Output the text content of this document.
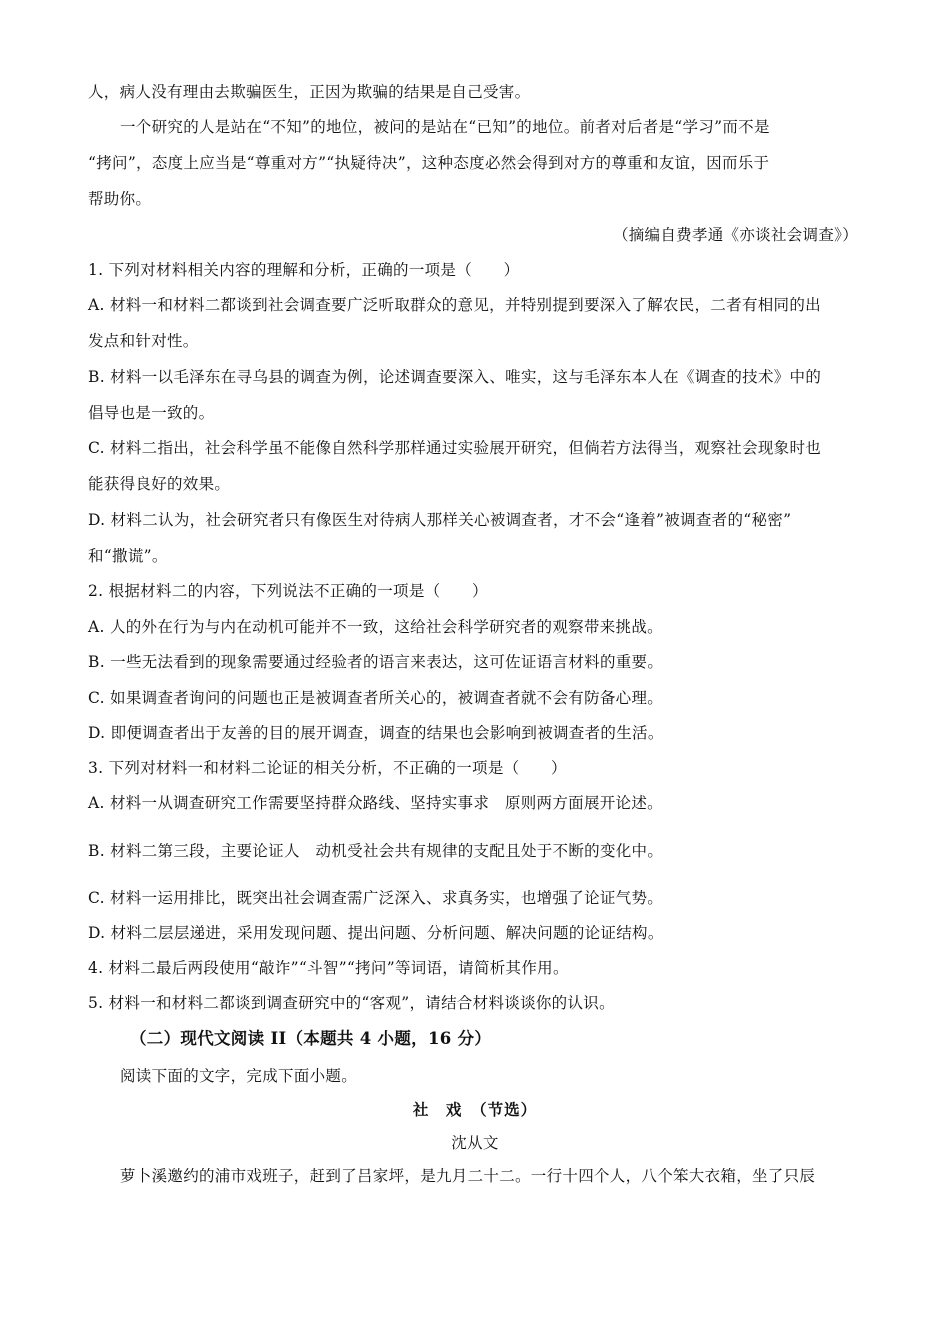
人，病人没有理由去欺骗医生，正因为欺骗的结果是自己受害。
一个研究的人是站在“不知”的地位，被问的是站在“已知”的地位。前者对后者是“学习”而不是
“拷问”，态度上应当是“尊重对方”“执疑待决”，这种态度必然会得到对方的尊重和友谊，因而乐于
帮助你。
（摘编自费孝通《亦谈社会调查》）
1. 下列对材料相关内容的理解和分析，正确的一项是（　　）
A. 材料一和材料二都谈到社会调查要广泛听取群众的意见，并特别提到要深入了解农民，二者有相同的出
发点和针对性。
B. 材料一以毛泽东在寻乌县的调查为例，论述调查要深入、唯实，这与毛泽东本人在《调查的技术》中的
倡导也是一致的。
C. 材料二指出，社会科学虽不能像自然科学那样通过实验展开研究，但倘若方法得当，观察社会现象时也
能获得良好的效果。
D. 材料二认为，社会研究者只有像医生对待病人那样关心被调查者，才不会“逢着”被调查者的“秘密”
和“撒谎”。
2. 根据材料二的内容，下列说法不正确的一项是（　　）
A. 人的外在行为与内在动机可能并不一致，这给社会科学研究者的观察带来挑战。
B. 一些无法看到的现象需要通过经验者的语言来表达，这可佐证语言材料的重要。
C. 如果调查者询问的问题也正是被调查者所关心的，被调查者就不会有防备心理。
D. 即便调查者出于友善的目的展开调查，调查的结果也会影响到被调查者的生活。
3. 下列对材料一和材料二论证的相关分析，不正确的一项是（　　）
A. 材料一从调查研究工作需要坚持群众路线、坚持实事求　原则两方面展开论述。
B. 材料二第三段，主要论证人　动机受社会共有规律的支配且处于不断的变化中。
C. 材料一运用排比，既突出社会调查需广泛深入、求真务实，也增强了论证气势。
D. 材料二层层递进，采用发现问题、提出问题、分析问题、解决问题的论证结构。
4. 材料二最后两段使用“敲诈”“斗智”“拷问”等词语，请简析其作用。
5. 材料一和材料二都谈到调查研究中的“客观”，请结合材料谈谈你的认识。
（二）现代文阅读 II（本题共 4 小题，16 分）
阅读下面的文字，完成下面小题。
社　戏　（节选）
沈从文
萝卜溪邀约的浦市戏班子，赶到了吕家坪，是九月二十二。一行十四个人，八个笨大衣箱，坐了只辰
